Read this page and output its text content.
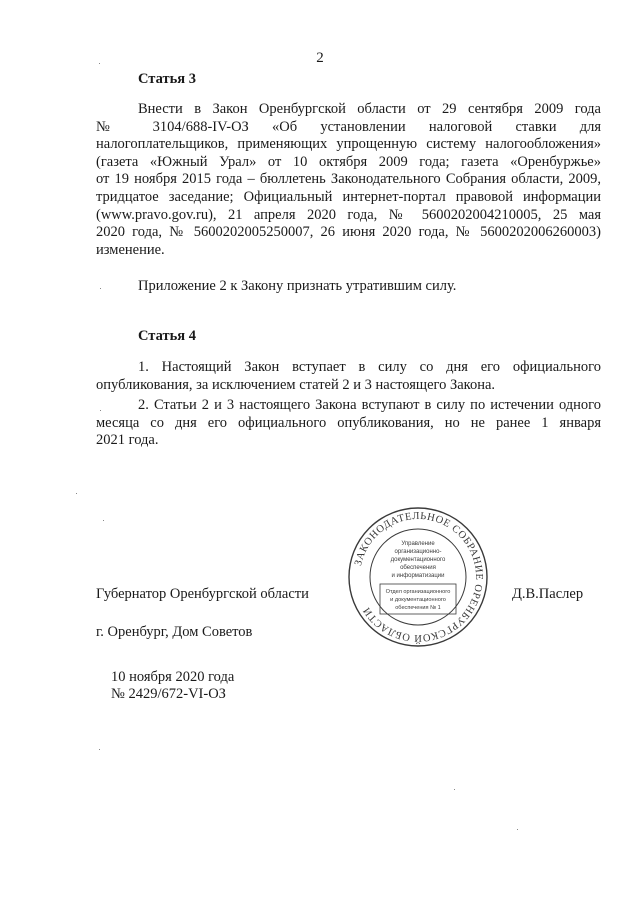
2
Статья 3
Внести в Закон Оренбургской области от 29 сентября 2009 года
№ 3104/688-IV-ОЗ «Об установлении налоговой ставки для
налогоплательщиков, применяющих упрощенную систему налогообложения»
(газета «Южный Урал» от 10 октября 2009 года; газета «Оренбуржье»
от 19 ноября 2015 года – бюллетень Законодательного Собрания области, 2009,
тридцатое заседание; Официальный интернет-портал правовой информации
(www.pravo.gov.ru), 21 апреля 2020 года, № 5600202004210005, 25 мая
2020 года, № 5600202005250007, 26 июня 2020 года, № 5600202006260003)
изменение.
Приложение 2 к Закону признать утратившим силу.
Статья 4
1. Настоящий Закон вступает в силу со дня его официального
опубликования, за исключением статей 2 и 3 настоящего Закона.
2. Статьи 2 и 3 настоящего Закона вступают в силу по истечении одного
месяца со дня его официального опубликования, но не ранее 1 января
2021 года.
Губернатор Оренбургской области	Д.В.Паслер
г. Оренбург, Дом Советов
10 ноября 2020 года
№ 2429/672-VI-ОЗ
ЗАКОНОДАТЕЛЬНОЕ СОБРАНИЕ ОРЕНБУРГСКОЙ ОБЛАСТИ
Управление
организационно-
документационного
обеспечения
и информатизации
Отдел организационного
и документационного
обеспечения № 1
